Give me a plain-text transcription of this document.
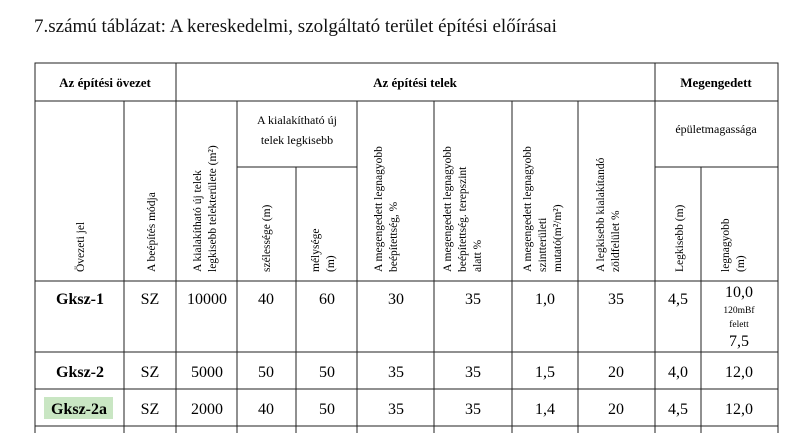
7.számú táblázat: A kereskedelmi, szolgáltató terület építési előírásai
Az építési övezet	Az építési telek	Megengedett
A kialakítható új
telek legkisebb
épületmagassága
Övezeti jel	A beépítés módja	A kialakítható új telek legkisebb telekterülete (m²)	szélessége (m)	mélysége (m)	A megengedett legnagyobb beépítettség, %	A megengedett legnagyobb beépítettség. terepszint alatt %	A megengedett legnagyobb szintterületi mutató(m²/m²)	A legkisebb kialakítandó zöldfelület %	Legkisebb (m)	legnagyobb (m)
Gksz-1 SZ 10000 40	60	30	35	1,0	35	4,5 10,0
120mBf
felett
7,5
Gksz-2 SZ 5000 50	50	35	35	1,5	20	4,0 12,0
Gksz-2a SZ 2000 40	50	35	35	1,4	20	4,5 12,0
